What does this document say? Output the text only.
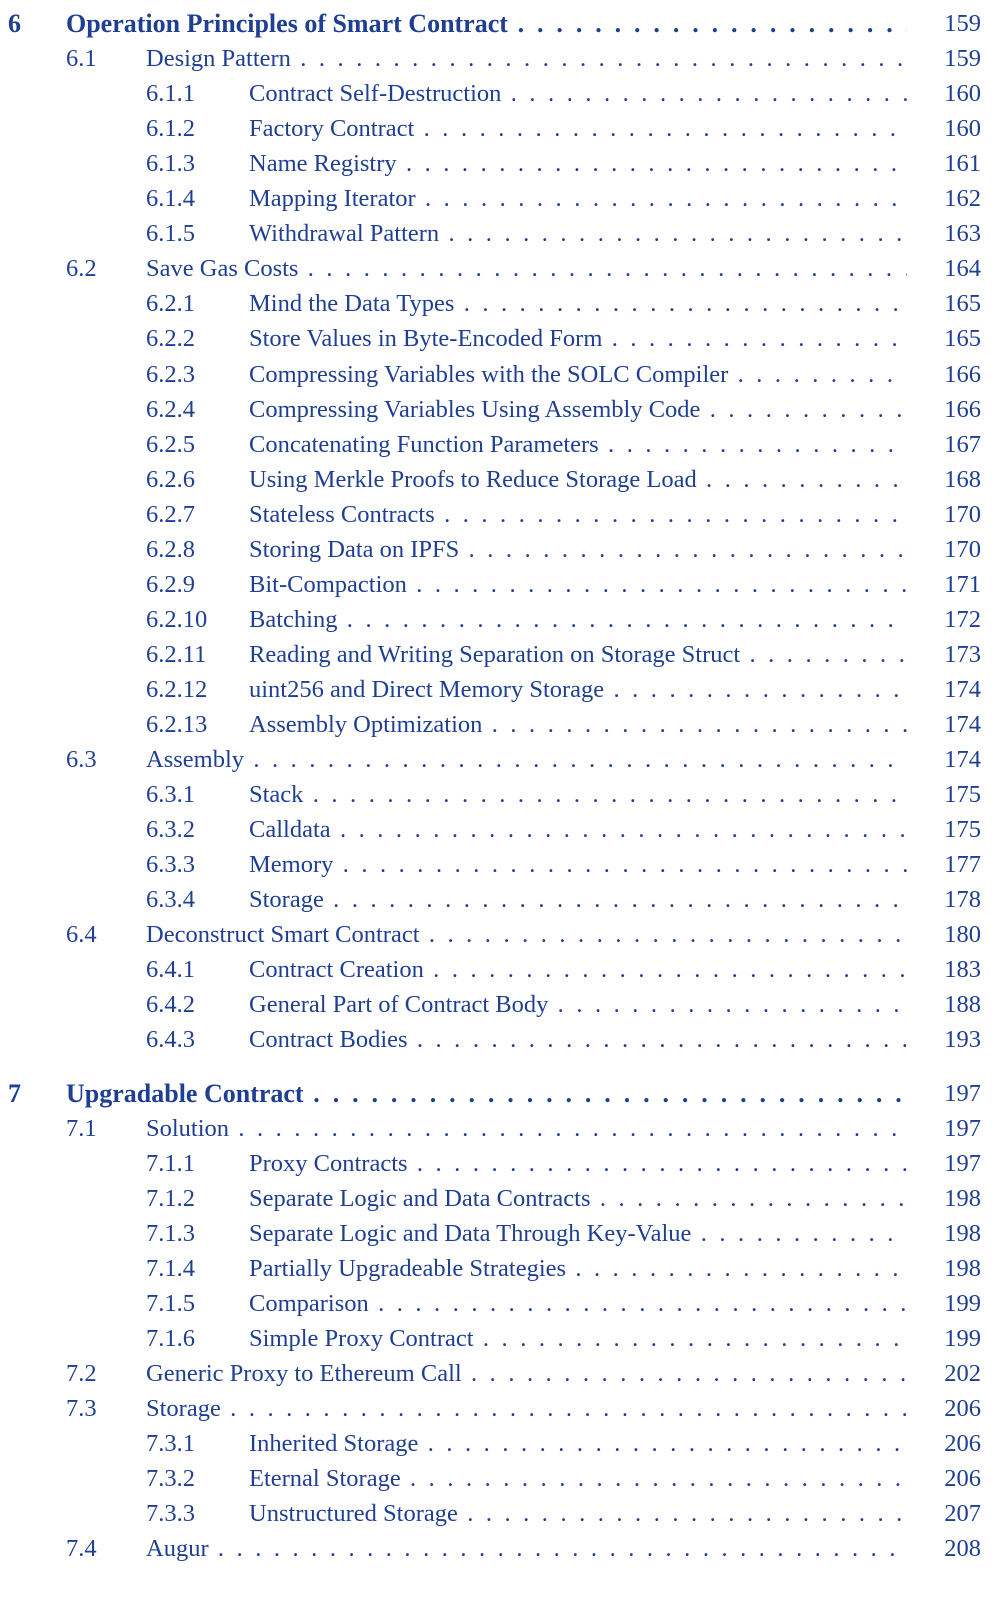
6 Operation Principles of Smart Contract . . .	159
6.1 Design Pattern . . .	159
6.1.1 Contract Self-Destruction . . .	160
6.1.2 Factory Contract . . .	160
6.1.3 Name Registry . . .	161
6.1.4 Mapping Iterator . . .	162
6.1.5 Withdrawal Pattern . . .	163
6.2 Save Gas Costs . . .	164
6.2.1 Mind the Data Types . . .	165
6.2.2 Store Values in Byte-Encoded Form . . .	165
6.2.3 Compressing Variables with the SOLC Compiler . . .	166
6.2.4 Compressing Variables Using Assembly Code . . .	166
6.2.5 Concatenating Function Parameters . . .	167
6.2.6 Using Merkle Proofs to Reduce Storage Load . . .	168
6.2.7 Stateless Contracts . . .	170
6.2.8 Storing Data on IPFS . . .	170
6.2.9 Bit-Compaction . . .	171
6.2.10 Batching . . .	172
6.2.11 Reading and Writing Separation on Storage Struct . . .	173
6.2.12 uint256 and Direct Memory Storage . . .	174
6.2.13 Assembly Optimization . . .	174
6.3 Assembly . . .	174
6.3.1 Stack . . .	175
6.3.2 Calldata . . .	175
6.3.3 Memory . . .	177
6.3.4 Storage . . .	178
6.4 Deconstruct Smart Contract . . .	180
6.4.1 Contract Creation . . .	183
6.4.2 General Part of Contract Body . . .	188
6.4.3 Contract Bodies . . .	193
7 Upgradable Contract . . .	197
7.1 Solution . . .	197
7.1.1 Proxy Contracts . . .	197
7.1.2 Separate Logic and Data Contracts . . .	198
7.1.3 Separate Logic and Data Through Key-Value . . .	198
7.1.4 Partially Upgradeable Strategies . . .	198
7.1.5 Comparison . . .	199
7.1.6 Simple Proxy Contract . . .	199
7.2 Generic Proxy to Ethereum Call . . .	202
7.3 Storage . . .	206
7.3.1 Inherited Storage . . .	206
7.3.2 Eternal Storage . . .	206
7.3.3 Unstructured Storage . . .	207
7.4 Augur . . .	208
